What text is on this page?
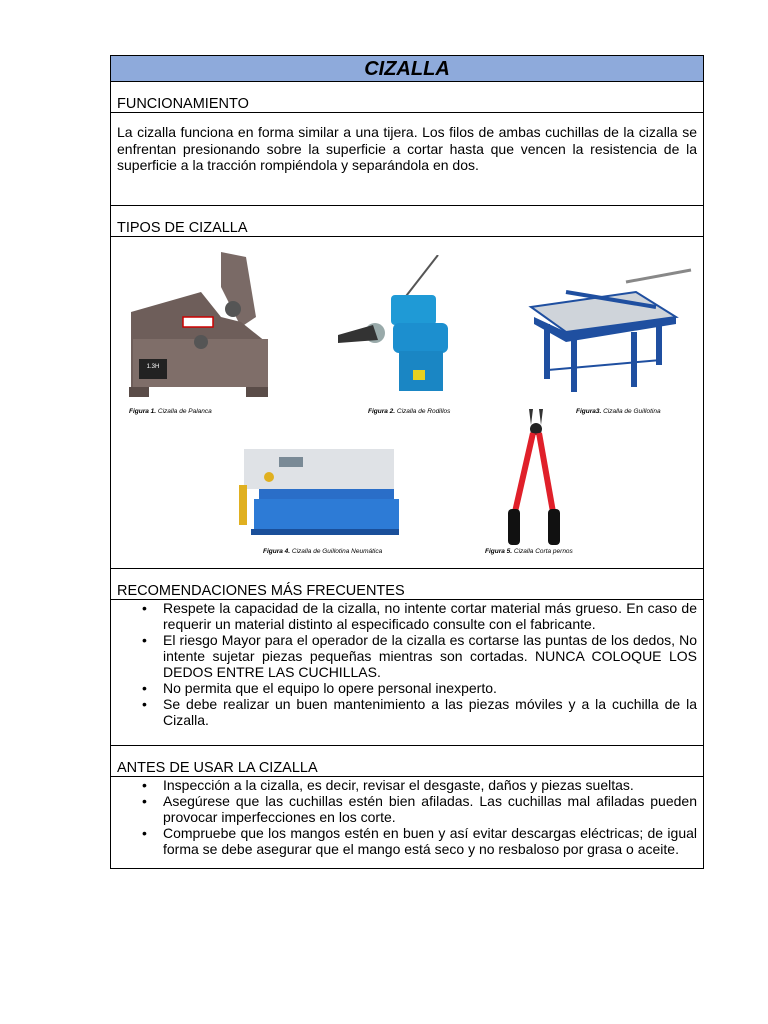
CIZALLA
FUNCIONAMIENTO
La cizalla funciona en forma similar a una tijera. Los filos de ambas cuchillas de la cizalla se enfrentan presionando sobre la superficie a cortar hasta que vencen la resistencia de la superficie a la tracción rompiéndola y separándola en dos.
TIPOS DE CIZALLA
1.3H
Figura 1. Cizalla de Palanca	Figura 2. Cizalla de Rodillos	Figura3. Cizalla de Guillotina
Figura 4. Cizalla de Guillotina Neumática	Figura 5. Cizalla Corta pernos
RECOMENDACIONES MÁS FRECUENTES
• Respete la capacidad de la cizalla, no intente cortar material más grueso. En caso de requerir un material distinto al especificado consulte con el fabricante.
• El riesgo Mayor para el operador de la cizalla es cortarse las puntas de los dedos, No intente sujetar piezas pequeñas mientras son cortadas. NUNCA COLOQUE LOS DEDOS ENTRE LAS CUCHILLAS.
• No permita que el equipo lo opere personal inexperto.
• Se debe realizar un buen mantenimiento a las piezas móviles y a la cuchilla de la Cizalla.
ANTES DE USAR LA CIZALLA
• Inspección a la cizalla, es decir, revisar el desgaste, daños y piezas sueltas.
• Asegúrese que las cuchillas estén bien afiladas. Las cuchillas mal afiladas pueden provocar imperfecciones en los corte.
• Compruebe que los mangos estén en buen y así evitar descargas eléctricas; de igual forma se debe asegurar que el mango está seco y no resbaloso por grasa o aceite.
